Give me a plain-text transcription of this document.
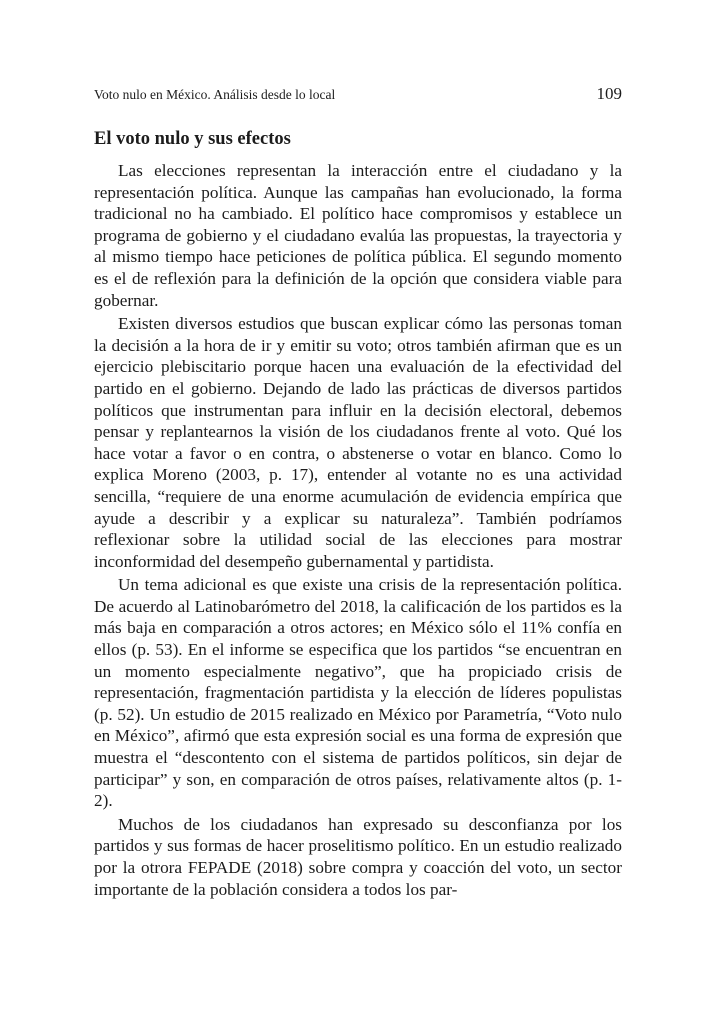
Voto nulo en México. Análisis desde lo local	109
El voto nulo y sus efectos

Las elecciones representan la interacción entre el ciudadano y la representación política. Aunque las campañas han evolucionado, la forma tradicional no ha cambiado. El político hace compromisos y establece un programa de gobierno y el ciudadano evalúa las propuestas, la trayectoria y al mismo tiempo hace peticiones de política pública. El segundo momento es el de reflexión para la definición de la opción que considera viable para gobernar.

Existen diversos estudios que buscan explicar cómo las personas toman la decisión a la hora de ir y emitir su voto; otros también afirman que es un ejercicio plebiscitario porque hacen una evaluación de la efectividad del partido en el gobierno. Dejando de lado las prácticas de diversos partidos políticos que instrumentan para influir en la decisión electoral, debemos pensar y replantearnos la visión de los ciudadanos frente al voto. Qué los hace votar a favor o en contra, o abstenerse o votar en blanco. Como lo explica Moreno (2003, p. 17), entender al votante no es una actividad sencilla, “requiere de una enorme acumulación de evidencia empírica que ayude a describir y a explicar su naturaleza”. También podríamos reflexionar sobre la utilidad social de las elecciones para mostrar inconformidad del desempeño gubernamental y partidista.

Un tema adicional es que existe una crisis de la representación política. De acuerdo al Latinobarómetro del 2018, la calificación de los partidos es la más baja en comparación a otros actores; en México sólo el 11% confía en ellos (p. 53). En el informe se especifica que los partidos “se encuentran en un momento especialmente negativo”, que ha propiciado crisis de representación, fragmentación partidista y la elección de líderes populistas (p. 52). Un estudio de 2015 realizado en México por Parametría, “Voto nulo en México”, afirmó que esta expresión social es una forma de expresión que muestra el “descontento con el sistema de partidos políticos, sin dejar de participar” y son, en comparación de otros países, relativamente altos (p. 1-2).

Muchos de los ciudadanos han expresado su desconfianza por los partidos y sus formas de hacer proselitismo político. En un estudio realizado por la otrora FEPADE (2018) sobre compra y coacción del voto, un sector importante de la población considera a todos los par-
